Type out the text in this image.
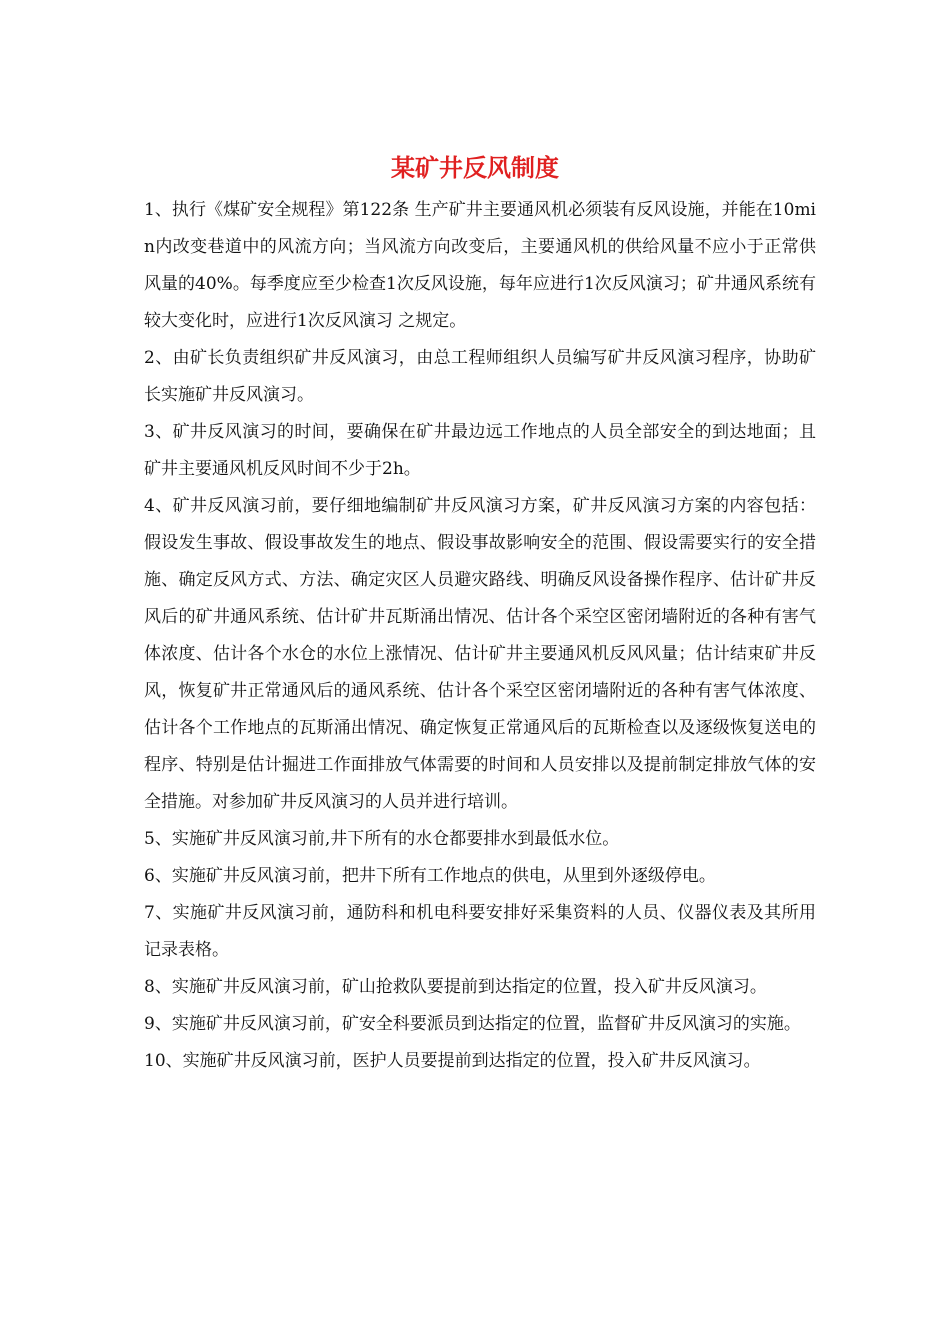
某矿井反风制度

1、执行《煤矿安全规程》第122条 生产矿井主要通风机必须装有反风设施，并能在10min内改变巷道中的风流方向；当风流方向改变后，主要通风机的供给风量不应小于正常供风量的40%。每季度应至少检查1次反风设施，每年应进行1次反风演习；矿井通风系统有较大变化时，应进行1次反风演习 之规定。

2、由矿长负责组织矿井反风演习，由总工程师组织人员编写矿井反风演习程序，协助矿长实施矿井反风演习。

3、矿井反风演习的时间，要确保在矿井最边远工作地点的人员全部安全的到达地面；且矿井主要通风机反风时间不少于2h。

4、矿井反风演习前，要仔细地编制矿井反风演习方案，矿井反风演习方案的内容包括：假设发生事故、假设事故发生的地点、假设事故影响安全的范围、假设需要实行的安全措施、确定反风方式、方法、确定灾区人员避灾路线、明确反风设备操作程序、估计矿井反风后的矿井通风系统、估计矿井瓦斯涌出情况、估计各个采空区密闭墙附近的各种有害气体浓度、估计各个水仓的水位上涨情况、估计矿井主要通风机反风风量；估计结束矿井反风，恢复矿井正常通风后的通风系统、估计各个采空区密闭墙附近的各种有害气体浓度、估计各个工作地点的瓦斯涌出情况、确定恢复正常通风后的瓦斯检查以及逐级恢复送电的程序、特别是估计掘进工作面排放气体需要的时间和人员安排以及提前制定排放气体的安全措施。对参加矿井反风演习的人员并进行培训。

5、实施矿井反风演习前,井下所有的水仓都要排水到最低水位。

6、实施矿井反风演习前，把井下所有工作地点的供电，从里到外逐级停电。

7、实施矿井反风演习前，通防科和机电科要安排好采集资料的人员、仪器仪表及其所用记录表格。

8、实施矿井反风演习前，矿山抢救队要提前到达指定的位置，投入矿井反风演习。

9、实施矿井反风演习前，矿安全科要派员到达指定的位置，监督矿井反风演习的实施。

10、实施矿井反风演习前，医护人员要提前到达指定的位置，投入矿井反风演习。
